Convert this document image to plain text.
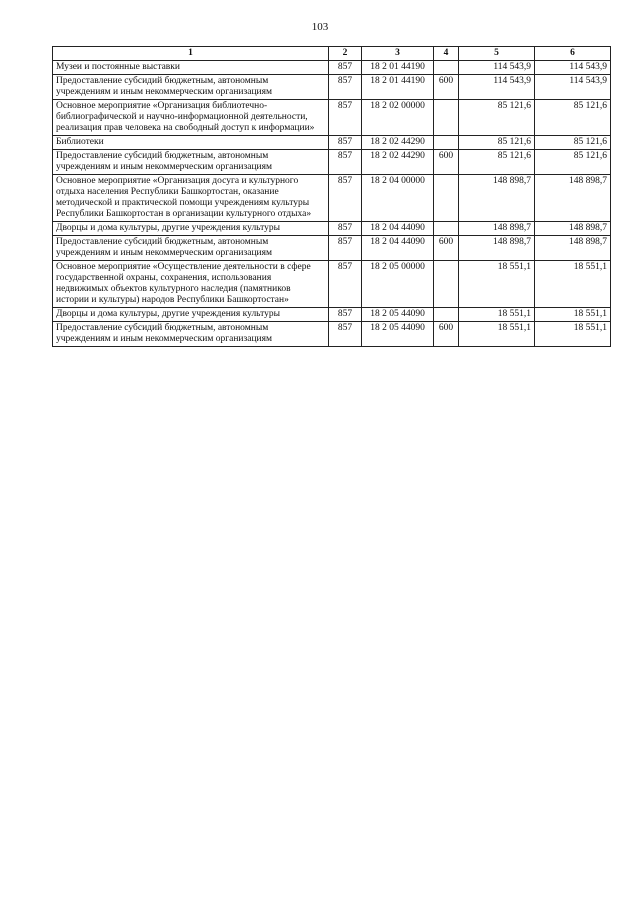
103
1	2	3	4	5	6
Музеи и постоянные выставки	857	18 2 01 44190		114 543,9	114 543,9
Предоставление субсидий бюджетным, автономным учреждениям и иным некоммерческим организациям	857	18 2 01 44190	600	114 543,9	114 543,9
Основное мероприятие «Организация библиотечно-библиографической и научно-информационной деятельности, реализация прав человека на свободный доступ к информации»	857	18 2 02 00000		85 121,6	85 121,6
Библиотеки	857	18 2 02 44290		85 121,6	85 121,6
Предоставление субсидий бюджетным, автономным учреждениям и иным некоммерческим организациям	857	18 2 02 44290	600	85 121,6	85 121,6
Основное мероприятие «Организация досуга и культурного отдыха населения Республики Башкортостан, оказание методической и практической помощи учреждениям культуры Республики Башкортостан в организации культурного отдыха»	857	18 2 04 00000		148 898,7	148 898,7
Дворцы и дома культуры, другие учреждения культуры	857	18 2 04 44090		148 898,7	148 898,7
Предоставление субсидий бюджетным, автономным учреждениям и иным некоммерческим организациям	857	18 2 04 44090	600	148 898,7	148 898,7
Основное мероприятие «Осуществление деятельности в сфере государственной охраны, сохранения, использования недвижимых объектов культурного наследия (памятников истории и культуры) народов Республики Башкортостан»	857	18 2 05 00000		18 551,1	18 551,1
Дворцы и дома культуры, другие учреждения культуры	857	18 2 05 44090		18 551,1	18 551,1
Предоставление субсидий бюджетным, автономным учреждениям и иным некоммерческим организациям	857	18 2 05 44090	600	18 551,1	18 551,1
